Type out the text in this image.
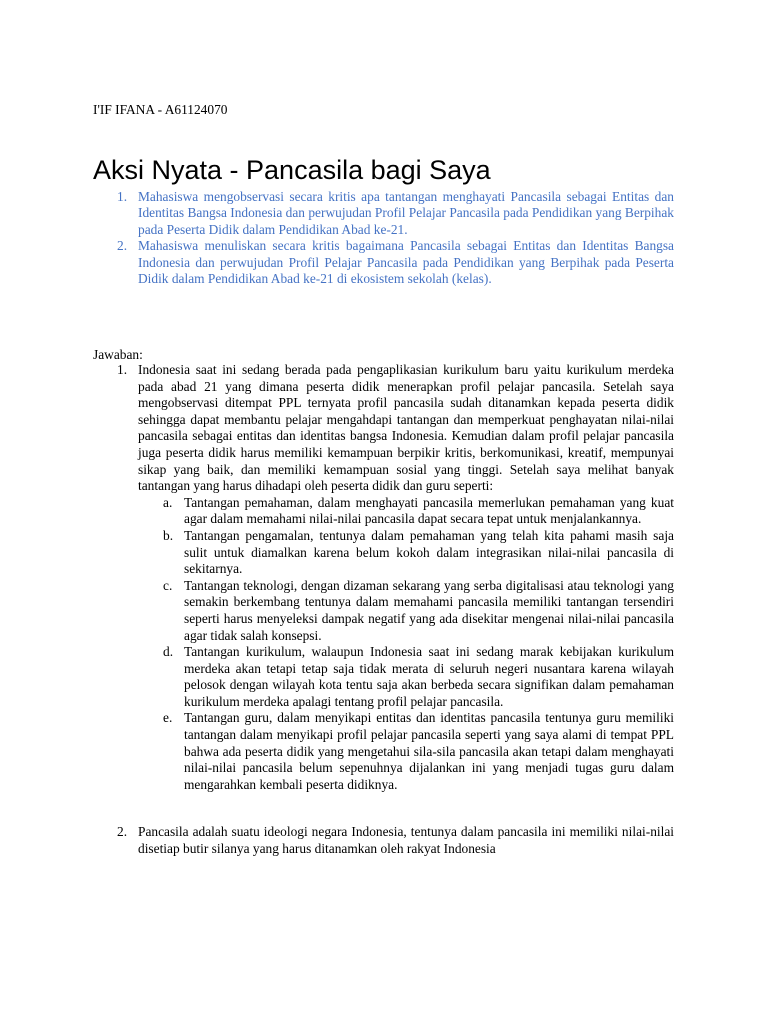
I'IF IFANA - A61124070
Aksi Nyata - Pancasila bagi Saya
1. Mahasiswa mengobservasi secara kritis apa tantangan menghayati Pancasila sebagai Entitas dan Identitas Bangsa Indonesia dan perwujudan Profil Pelajar Pancasila pada Pendidikan yang Berpihak pada Peserta Didik dalam Pendidikan Abad ke-21.
2. Mahasiswa menuliskan secara kritis bagaimana Pancasila sebagai Entitas dan Identitas Bangsa Indonesia dan perwujudan Profil Pelajar Pancasila pada Pendidikan yang Berpihak pada Peserta Didik dalam Pendidikan Abad ke-21 di ekosistem sekolah (kelas).
Jawaban:
1. Indonesia saat ini sedang berada pada pengaplikasian kurikulum baru yaitu kurikulum merdeka pada abad 21 yang dimana peserta didik menerapkan profil pelajar pancasila. Setelah saya mengobservasi ditempat PPL ternyata profil pancasila sudah ditanamkan kepada peserta didik sehingga dapat membantu pelajar mengahdapi tantangan dan memperkuat penghayatan nilai-nilai pancasila sebagai entitas dan identitas bangsa Indonesia. Kemudian dalam profil pelajar pancasila juga peserta didik harus memiliki kemampuan berpikir kritis, berkomunikasi, kreatif, mempunyai sikap yang baik, dan memiliki kemampuan sosial yang tinggi. Setelah saya melihat banyak tantangan yang harus dihadapi oleh peserta didik dan guru seperti:
a. Tantangan pemahaman, dalam menghayati pancasila memerlukan pemahaman yang kuat agar dalam memahami nilai-nilai pancasila dapat secara tepat untuk menjalankannya.
b. Tantangan pengamalan, tentunya dalam pemahaman yang telah kita pahami masih saja sulit untuk diamalkan karena belum kokoh dalam integrasikan nilai-nilai pancasila di sekitarnya.
c. Tantangan teknologi, dengan dizaman sekarang yang serba digitalisasi atau teknologi yang semakin berkembang tentunya dalam memahami pancasila memiliki tantangan tersendiri seperti harus menyeleksi dampak negatif yang ada disekitar mengenai nilai-nilai pancasila agar tidak salah konsepsi.
d. Tantangan kurikulum, walaupun Indonesia saat ini sedang marak kebijakan kurikulum merdeka akan tetapi tetap saja tidak merata di seluruh negeri nusantara karena wilayah pelosok dengan wilayah kota tentu saja akan berbeda secara signifikan dalam pemahaman kurikulum merdeka apalagi tentang profil pelajar pancasila.
e. Tantangan guru, dalam menyikapi entitas dan identitas pancasila tentunya guru memiliki tantangan dalam menyikapi profil pelajar pancasila seperti yang saya alami di tempat PPL bahwa ada peserta didik yang mengetahui sila-sila pancasila akan tetapi dalam menghayati nilai-nilai pancasila belum sepenuhnya dijalankan ini yang menjadi tugas guru dalam mengarahkan kembali peserta didiknya.
2. Pancasila adalah suatu ideologi negara Indonesia, tentunya dalam pancasila ini memiliki nilai-nilai disetiap butir silanya yang harus ditanamkan oleh rakyat Indonesia
